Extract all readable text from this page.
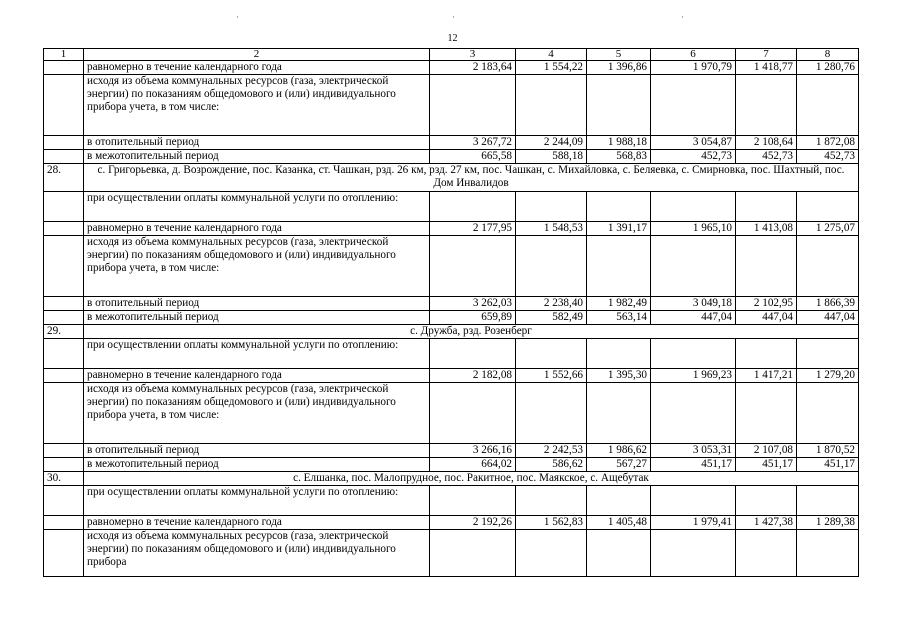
·	·	·
12
1	2	3	4	5	6	7	8
	равномерно в течение календарного года	2 183,64	1 554,22	1 396,86	1 970,79	1 418,77	1 280,76
	исходя из объема коммунальных ресурсов (газа, электрической энергии) по показаниям общедомового и (или) индивидуального прибора учета, в том числе:						
	в отопительный период	3 267,72	2 244,09	1 988,18	3 054,87	2 108,64	1 872,08
	в межотопительный период	665,58	588,18	568,83	452,73	452,73	452,73
28.	с. Григорьевка, д. Возрождение, пос. Казанка, ст. Чашкан, рзд. 26 км, рзд. 27 км, пос. Чашкан, с. Михайловка, с. Беляевка, с. Смирновка, пос. Шахтный, пос. Дом Инвалидов						
	при осуществлении оплаты коммунальной услуги по отоплению:						
	равномерно в течение календарного года	2 177,95	1 548,53	1 391,17	1 965,10	1 413,08	1 275,07
	исходя из объема коммунальных ресурсов (газа, электрической энергии) по показаниям общедомового и (или) индивидуального прибора учета, в том числе:						
	в отопительный период	3 262,03	2 238,40	1 982,49	3 049,18	2 102,95	1 866,39
	в межотопительный период	659,89	582,49	563,14	447,04	447,04	447,04
29.	с. Дружба, рзд. Розенберг						
	при осуществлении оплаты коммунальной услуги по отоплению:						
	равномерно в течение календарного года	2 182,08	1 552,66	1 395,30	1 969,23	1 417,21	1 279,20
	исходя из объема коммунальных ресурсов (газа, электрической энергии) по показаниям общедомового и (или) индивидуального прибора учета, в том числе:						
	в отопительный период	3 266,16	2 242,53	1 986,62	3 053,31	2 107,08	1 870,52
	в межотопительный период	664,02	586,62	567,27	451,17	451,17	451,17
30.	с. Елшанка, пос. Малопрудное, пос. Ракитное, пос. Маякское, с. Ащебутак						
	при осуществлении оплаты коммунальной услуги по отоплению:						
	равномерно в течение календарного года	2 192,26	1 562,83	1 405,48	1 979,41	1 427,38	1 289,38
	исходя из объема коммунальных ресурсов (газа, электрической энергии) по показаниям общедомового и (или) индивидуального прибора						
